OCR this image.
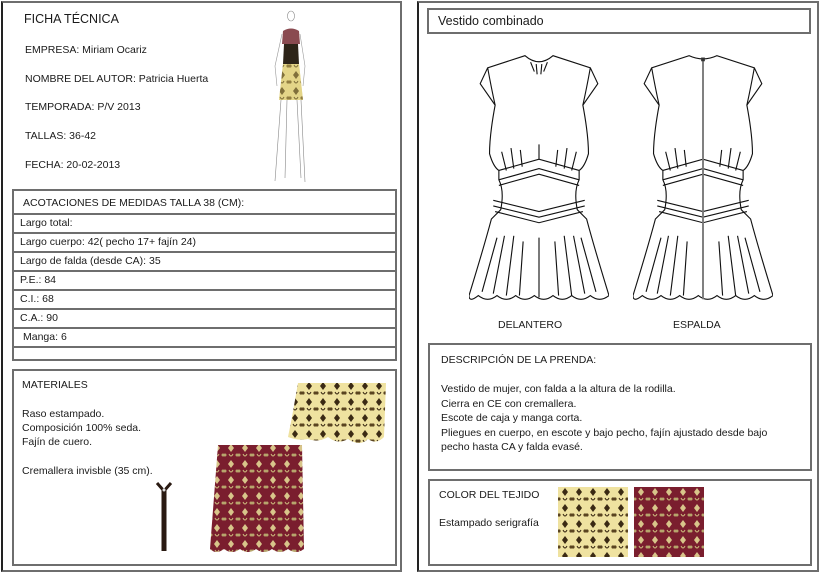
FICHA TÉCNICA
EMPRESA: Miriam Ocariz
NOMBRE DEL AUTOR: Patricia Huerta
TEMPORADA: P/V 2013
TALLAS: 36-42
FECHA: 20-02-2013
ACOTACIONES DE MEDIDAS TALLA 38 (CM):
Largo total:
Largo cuerpo: 42( pecho 17+ fajín 24)
Largo de falda (desde CA): 35
P.E.: 84
C.I.: 68
C.A.: 90
Manga: 6
MATERIALES
Raso estampado.
Composición 100% seda.
Fajín de cuero.
Cremallera invisble (35 cm).
Vestido combinado
DELANTERO	ESPALDA
DESCRIPCIÓN DE LA PRENDA:
Vestido de mujer, con falda a la altura de la rodilla.
Cierra en CE con cremallera.
Escote de caja y manga corta.
Pliegues en cuerpo, en escote y bajo pecho, fajín ajustado desde bajo
pecho hasta CA y falda evasé.
COLOR DEL TEJIDO
Estampado serigrafía
